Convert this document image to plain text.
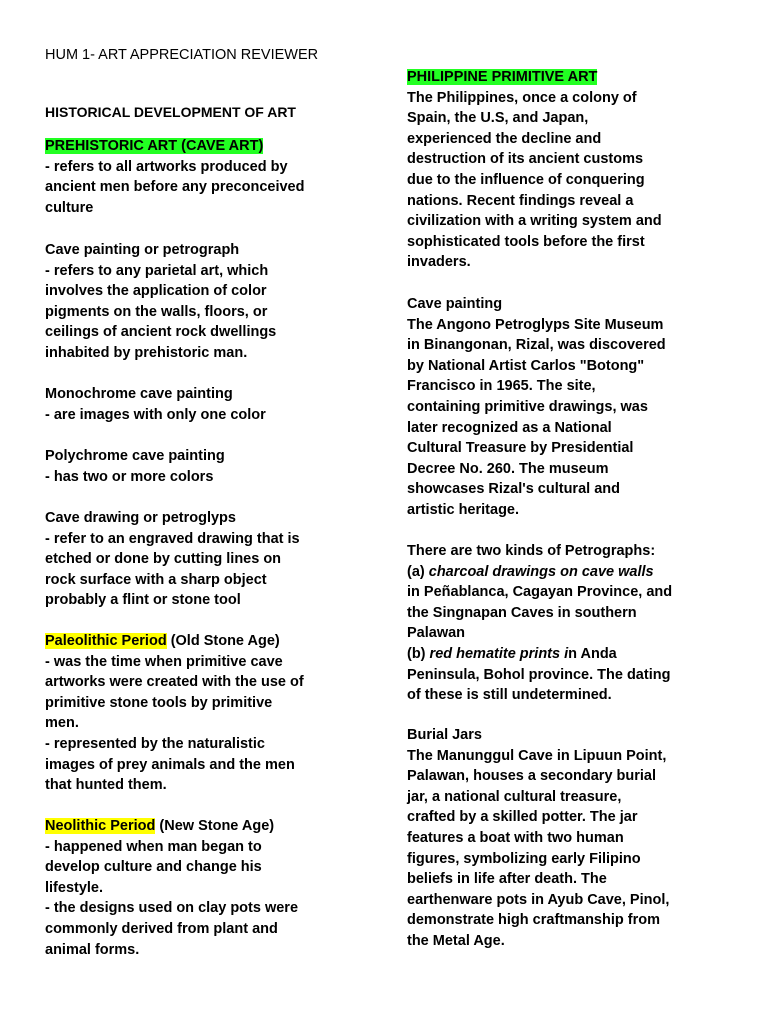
HUM 1- ART APPRECIATION REVIEWER
HISTORICAL DEVELOPMENT OF ART
PREHISTORIC ART (CAVE ART)
- refers to all artworks produced by
ancient men before any preconceived
culture
Cave painting or petrograph
- refers to any parietal art, which
involves the application of color
pigments on the walls, floors, or
ceilings of ancient rock dwellings
inhabited by prehistoric man.
Monochrome cave painting
- are images with only one color
Polychrome cave painting
- has two or more colors
Cave drawing or petroglyps
- refer to an engraved drawing that is
etched or done by cutting lines on
rock surface with a sharp object
probably a flint or stone tool
Paleolithic Period (Old Stone Age)
- was the time when primitive cave
artworks were created with the use of
primitive stone tools by primitive
men.
- represented by the naturalistic
images of prey animals and the men
that hunted them.
Neolithic Period (New Stone Age)
- happened when man began to
develop culture and change his
lifestyle.
- the designs used on clay pots were
commonly derived from plant and
animal forms.
PHILIPPINE PRIMITIVE ART
The Philippines, once a colony of
Spain, the U.S, and Japan,
experienced the decline and
destruction of its ancient customs
due to the influence of conquering
nations. Recent findings reveal a
civilization with a writing system and
sophisticated tools before the first
invaders.
Cave painting
The Angono Petroglyps Site Museum
in Binangonan, Rizal, was discovered
by National Artist Carlos "Botong"
Francisco in 1965. The site,
containing primitive drawings, was
later recognized as a National
Cultural Treasure by Presidential
Decree No. 260. The museum
showcases Rizal's cultural and
artistic heritage.
There are two kinds of Petrographs:
(a) charcoal drawings on cave walls
in Peñablanca, Cagayan Province, and
the Singnapan Caves in southern
Palawan
(b) red hematite prints in Anda
Peninsula, Bohol province. The dating
of these is still undetermined.
Burial Jars
The Manunggul Cave in Lipuun Point,
Palawan, houses a secondary burial
jar, a national cultural treasure,
crafted by a skilled potter. The jar
features a boat with two human
figures, symbolizing early Filipino
beliefs in life after death. The
earthenware pots in Ayub Cave, Pinol,
demonstrate high craftmanship from
the Metal Age.
